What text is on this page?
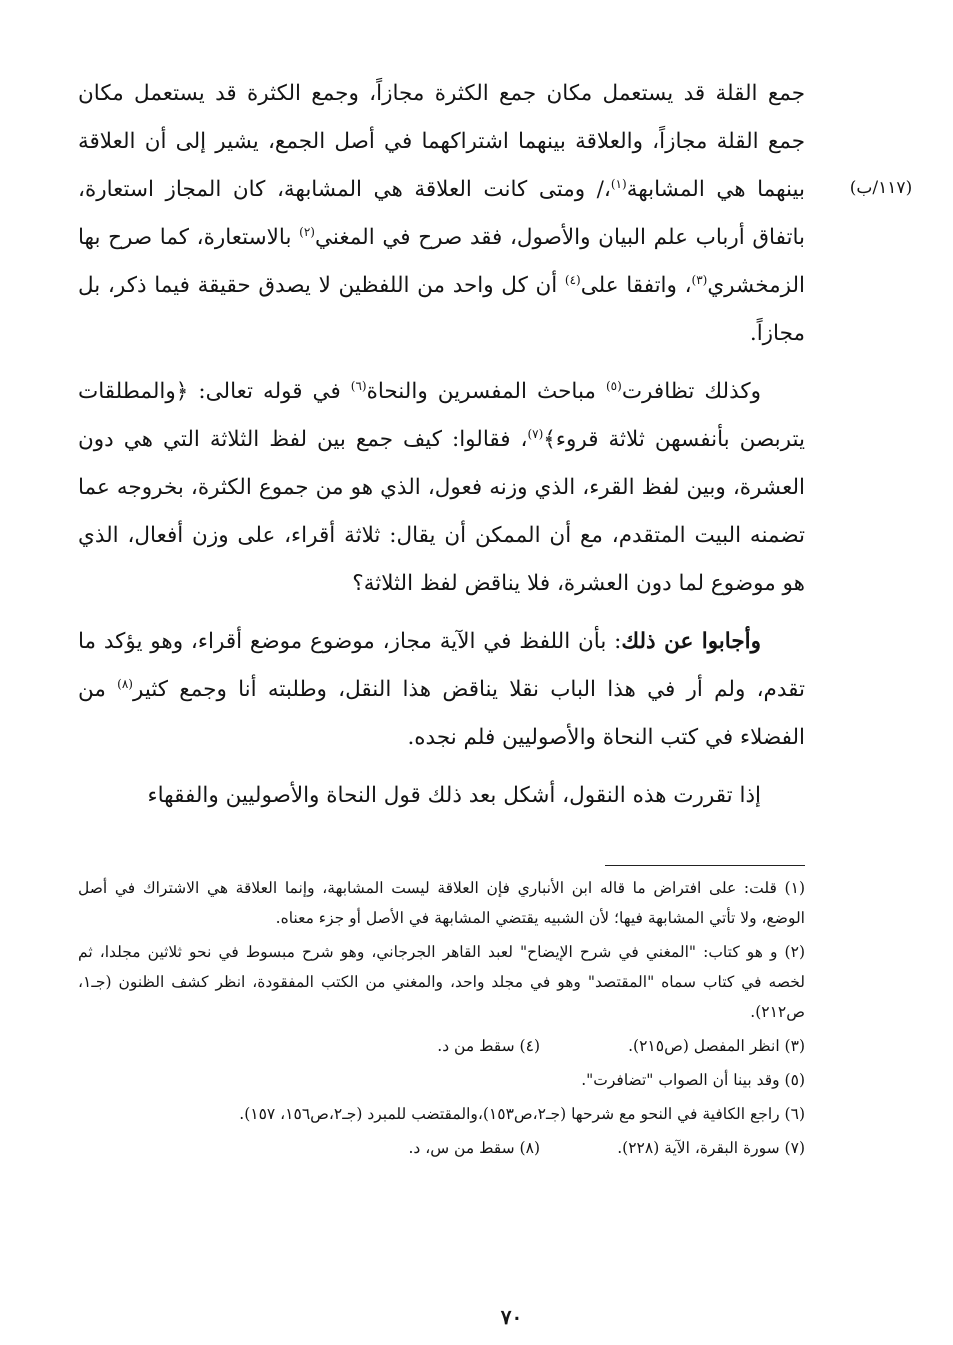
(١١٧/ب)

جمع القلة قد يستعمل مكان جمع الكثرة مجازاً، وجمع الكثرة قد يستعمل مكان جمع القلة مجازاً، والعلاقة بينهما اشتراكهما في أصل الجمع، يشير إلى أن العلاقة بينهما هي المشابهة$^{(١)}$،/ ومتى كانت العلاقة هي المشابهة، كان المجاز استعارة، باتفاق أرباب علم البيان والأصول، فقد صرح في المغني$^{(٢)}$ بالاستعارة، كما صرح بها الزمخشري$^{(٣)}$، واتفقا على$^{(٤)}$ أن كل واحد من اللفظين لا يصدق حقيقة فيما ذكر، بل مجازاً.

وكذلك تظافرت$^{(٥)}$ مباحث المفسرين والنحاة$^{(٦)}$ في قوله تعالى: ﴿والمطلقات يتربصن بأنفسهن ثلاثة قروء﴾$^{(٧)}$، فقالوا: كيف جمع بين لفظ الثلاثة التي هي دون العشرة، وبين لفظ القرء، الذي وزنه فعول، الذي هو من جموع الكثرة، بخروجه عما تضمنه البيت المتقدم، مع أن الممكن أن يقال: ثلاثة أقراء، على وزن أفعال، الذي هو موضوع لما دون العشرة، فلا يناقض لفظ الثلاثة؟

وأجابوا عن ذلك: بأن اللفظ في الآية مجاز، موضوع موضع أقراء، وهو يؤكد ما تقدم، ولم أر في هذا الباب نقلا يناقض هذا النقل، وطلبته أنا وجمع كثير$^{(٨)}$ من الفضلاء في كتب النحاة والأصوليين فلم نجده.

إذا تقررت هذه النقول، أشكل بعد ذلك قول النحاة والأصوليين والفقهاء

(١) قلت: على افتراض ما قاله ابن الأنباري فإن العلاقة ليست المشابهة، وإنما العلاقة هي الاشتراك في أصل الوضع، ولا تأتي المشابهة فيها؛ لأن الشبيه يقتضي المشابهة في الأصل أو جزء معناه.
(٢) و هو كتاب: "المغني في شرح الإيضاح" لعبد القاهر الجرجاني، وهو شرح مبسوط في نحو ثلاثين مجلدا، ثم لخصه في كتاب سماه "المقتصد" وهو في مجلد واحد، والمغني من الكتب المفقودة، انظر كشف الظنون (جـ١، ص٢١٢).
(٣) انظر المفصل (ص٢١٥).
(٤) سقط من د.
(٥) وقد بينا أن الصواب "تضافرت".
(٦) راجع الكافية في النحو مع شرحها (جـ٢،ص١٥٣)،والمقتضب للمبرد (جـ٢،ص١٥٦، ١٥٧).
(٧) سورة البقرة، الآية (٢٢٨).
(٨) سقط من س، د.
٧٠
